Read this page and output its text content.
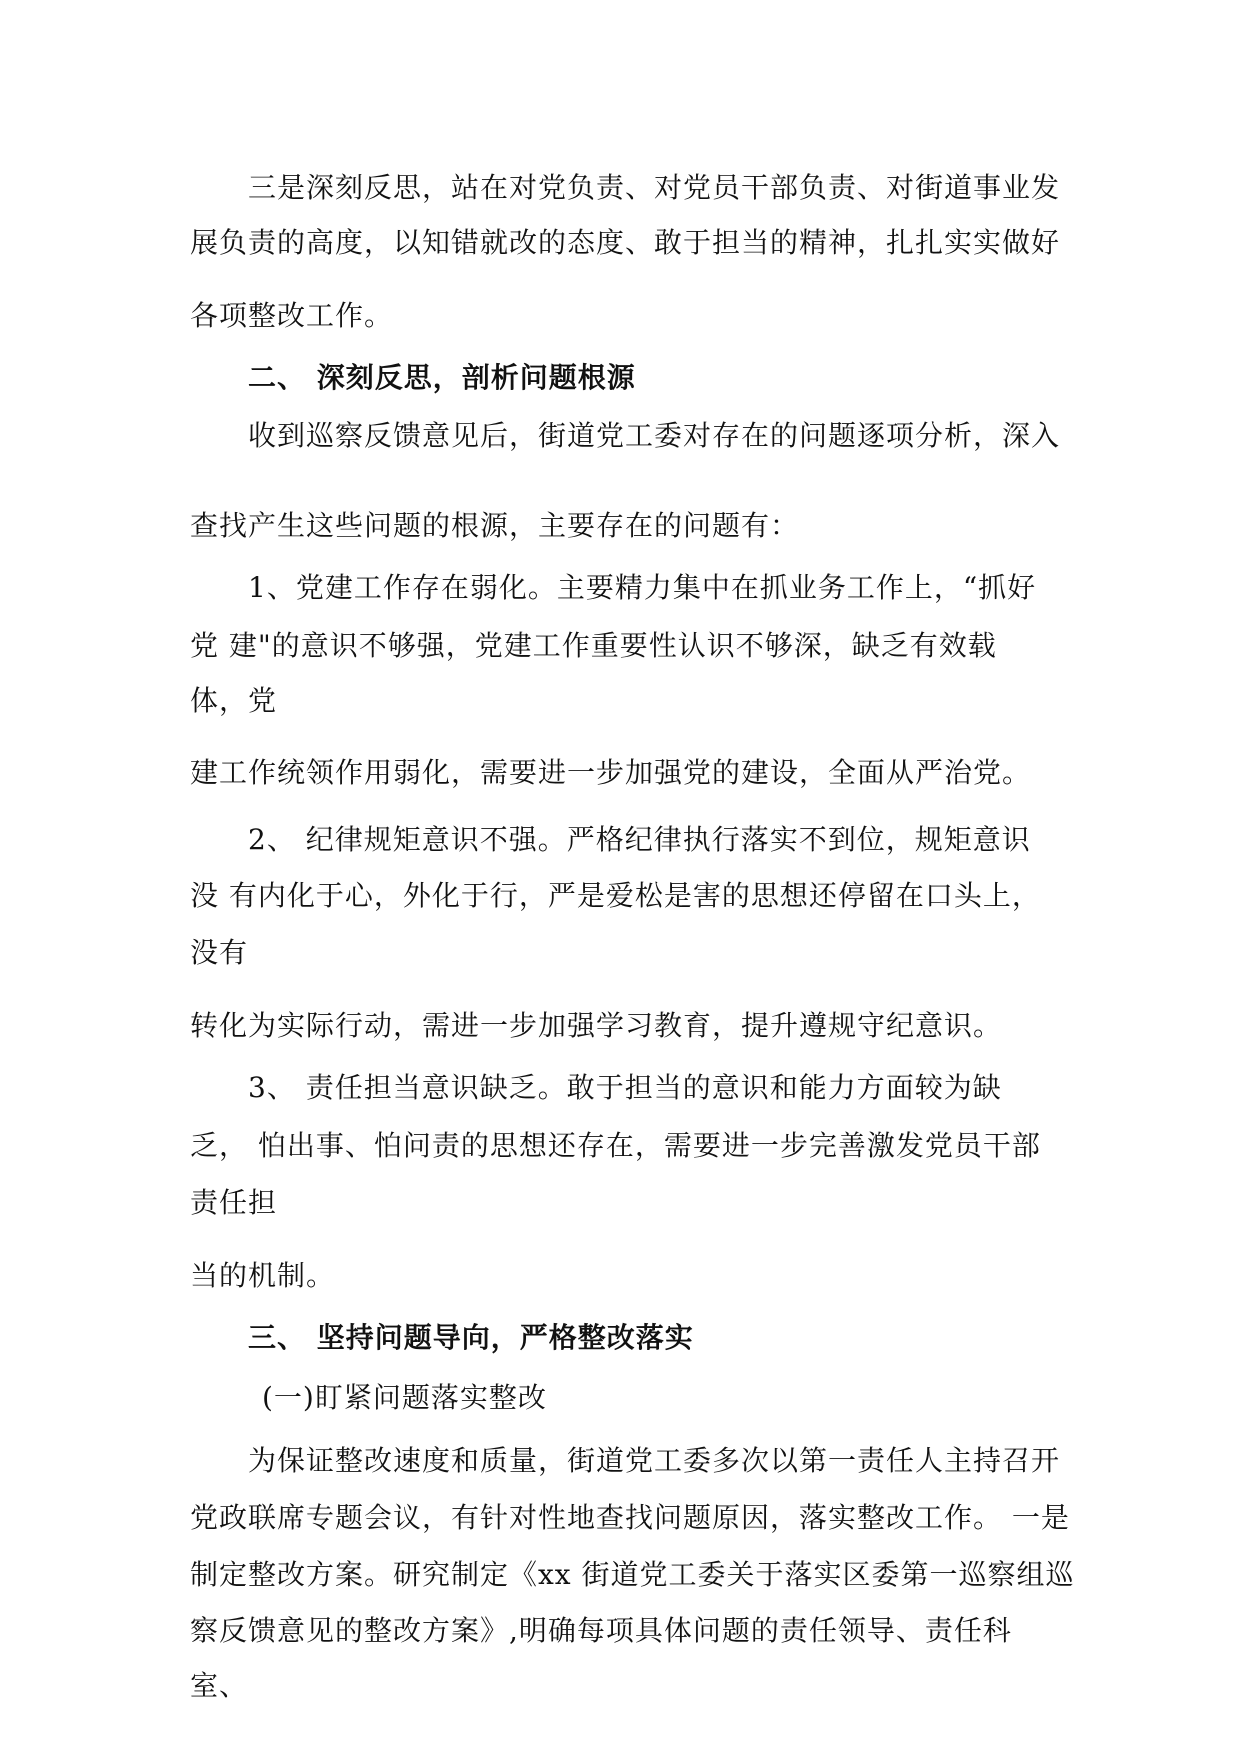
三是深刻反思，站在对党负责、对党员干部负责、对街道事业发
展负责的高度，以知错就改的态度、敢于担当的精神，扎扎实实做好
各项整改工作。
二、 深刻反思，剖析问题根源
收到巡察反馈意见后，街道党工委对存在的问题逐项分析，深入
查找产生这些问题的根源，主要存在的问题有：
1、党建工作存在弱化。主要精力集中在抓业务工作上，“抓好
党 建"的意识不够强，党建工作重要性认识不够深，缺乏有效载
体，党
建工作统领作用弱化，需要进一步加强党的建设，全面从严治党。
2、 纪律规矩意识不强。严格纪律执行落实不到位，规矩意识
没 有内化于心，外化于行，严是爱松是害的思想还停留在口头上，
没有
转化为实际行动，需进一步加强学习教育，提升遵规守纪意识。
3、 责任担当意识缺乏。敢于担当的意识和能力方面较为缺
乏， 怕出事、怕问责的思想还存在，需要进一步完善激发党员干部
责任担
当的机制。
三、 坚持问题导向，严格整改落实
(一)盯紧问题落实整改
为保证整改速度和质量，街道党工委多次以第一责任人主持召开
党政联席专题会议，有针对性地查找问题原因，落实整改工作。 一是
制定整改方案。研究制定《xx 街道党工委关于落实区委第一巡察组巡
察反馈意见的整改方案》,明确每项具体问题的责任领导、责任科
室、
